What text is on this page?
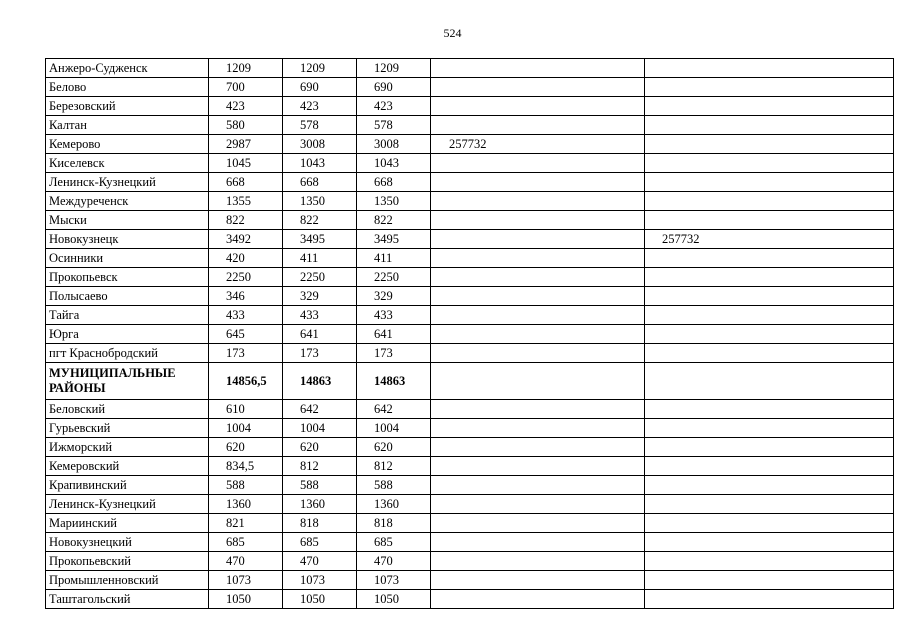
524
Анжеро-Судженск	1209	1209	1209		
Белово	700	690	690		
Березовский	423	423	423		
Калтан	580	578	578		
Кемерово	2987	3008	3008	257732	
Киселевск	1045	1043	1043		
Ленинск-Кузнецкий	668	668	668		
Междуреченск	1355	1350	1350		
Мыски	822	822	822		
Новокузнецк	3492	3495	3495		257732
Осинники	420	411	411		
Прокопьевск	2250	2250	2250		
Полысаево	346	329	329		
Тайга	433	433	433		
Юрга	645	641	641		
пгт Краснобродский	173	173	173		
МУНИЦИПАЛЬНЫЕ РАЙОНЫ	14856,5	14863	14863		
Беловский	610	642	642		
Гурьевский	1004	1004	1004		
Ижморский	620	620	620		
Кемеровский	834,5	812	812		
Крапивинский	588	588	588		
Ленинск-Кузнецкий	1360	1360	1360		
Мариинский	821	818	818		
Новокузнецкий	685	685	685		
Прокопьевский	470	470	470		
Промышленновский	1073	1073	1073		
Таштагольский	1050	1050	1050		
